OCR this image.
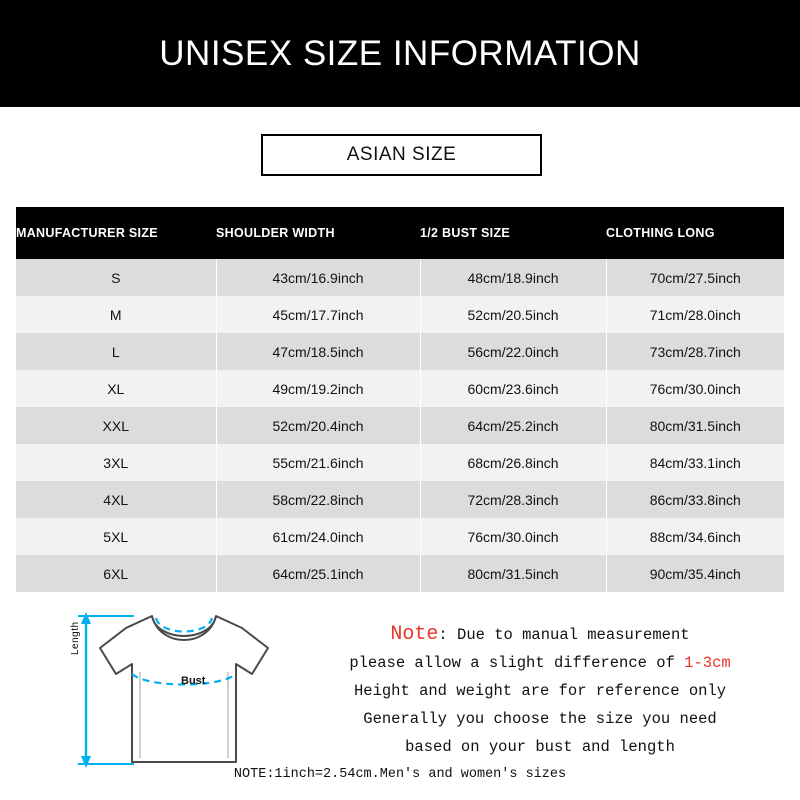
UNISEX SIZE INFORMATION
ASIAN SIZE
MANUFACTURER SIZE	SHOULDER WIDTH	1/2 BUST SIZE	CLOTHING LONG
S	43cm/16.9inch	48cm/18.9inch	70cm/27.5inch
M	45cm/17.7inch	52cm/20.5inch	71cm/28.0inch
L	47cm/18.5inch	56cm/22.0inch	73cm/28.7inch
XL	49cm/19.2inch	60cm/23.6inch	76cm/30.0inch
XXL	52cm/20.4inch	64cm/25.2inch	80cm/31.5inch
3XL	55cm/21.6inch	68cm/26.8inch	84cm/33.1inch
4XL	58cm/22.8inch	72cm/28.3inch	86cm/33.8inch
5XL	61cm/24.0inch	76cm/30.0inch	88cm/34.6inch
6XL	64cm/25.1inch	80cm/31.5inch	90cm/35.4inch
Length
Bust
Note: Due to manual measurement
please allow a slight difference of 1-3cm
Height and weight are for reference only
Generally you choose the size you need
based on your bust and length
NOTE:1inch=2.54cm.Men's and women's sizes
